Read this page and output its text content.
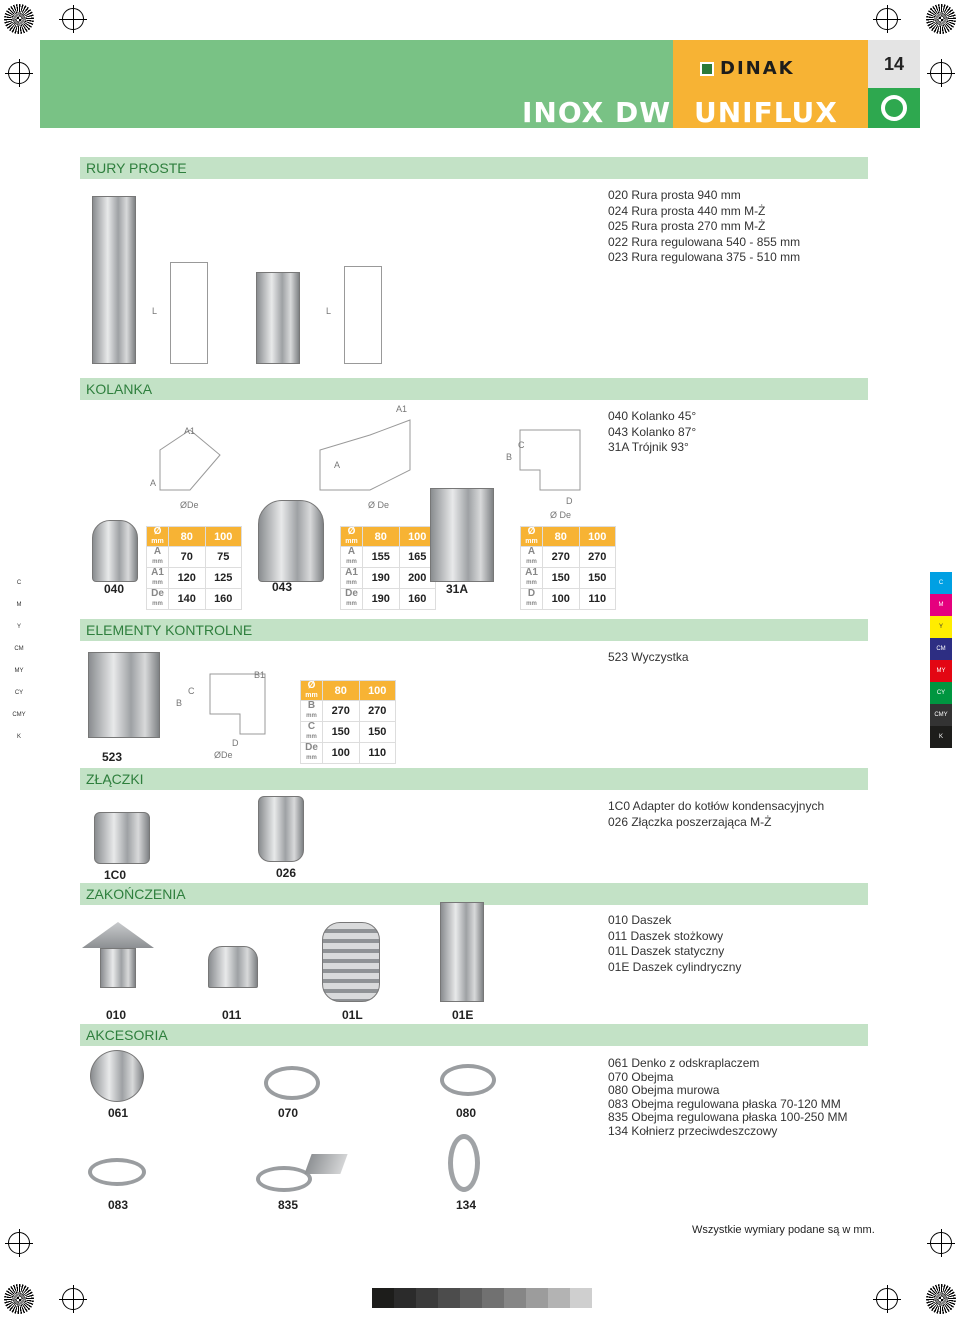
14
DINAK
INOX DW UNIFLUX
C
M
Y
CM
MY
CY
CMY
K
C
M
Y
CM
MY
CY
CMY
K
RURY PROSTE
020 Rura prosta 940 mm
024 Rura prosta 440 mm M-Ż
025 Rura prosta 270 mm M-Ż
022 Rura regulowana 540 - 855 mm
023 Rura regulowana 375 - 510 mm
L	L
KOLANKA
040 Kolanko 45°
043 Kolanko 87°
31A Trójnik 93°
A
A1
ØDe
A
A1
Ø De
B
C
D
Ø De
040
Ø
mm	80	100
A
mm	70	75
A1
mm	120	125
De
mm	140	160
043
Ø
mm	80	100
A
mm	155	165
A1
mm	190	200
De
mm	190	160
31A
Ø
mm	80	100
A
mm	270	270
A1
mm	150	150
D
mm	100	110
ELEMENTY KONTROLNE
523 Wyczystka
523
B
C
B1
D
ØDe
Ø
mm	80	100
B
mm	270	270
C
mm	150	150
De
mm	100	110
ZŁĄCZKI
1C0 Adapter do kotłów kondensacyjnych
026 Złączka poszerzająca M-Ż
1C0	026
ZAKOŃCZENIA
010 Daszek
011 Daszek stożkowy
01L Daszek statyczny
01E Daszek cylindryczny
010	011	01L	01E
AKCESORIA
061 Denko z odskraplaczem
070 Obejma
080 Obejma murowa
083 Obejma regulowana płaska 70-120 MM
835 Obejma regulowana płaska 100-250 MM
134 Kołnierz przeciwdeszczowy
061	070	080
083	835	134
Wszystkie wymiary podane są w mm.
